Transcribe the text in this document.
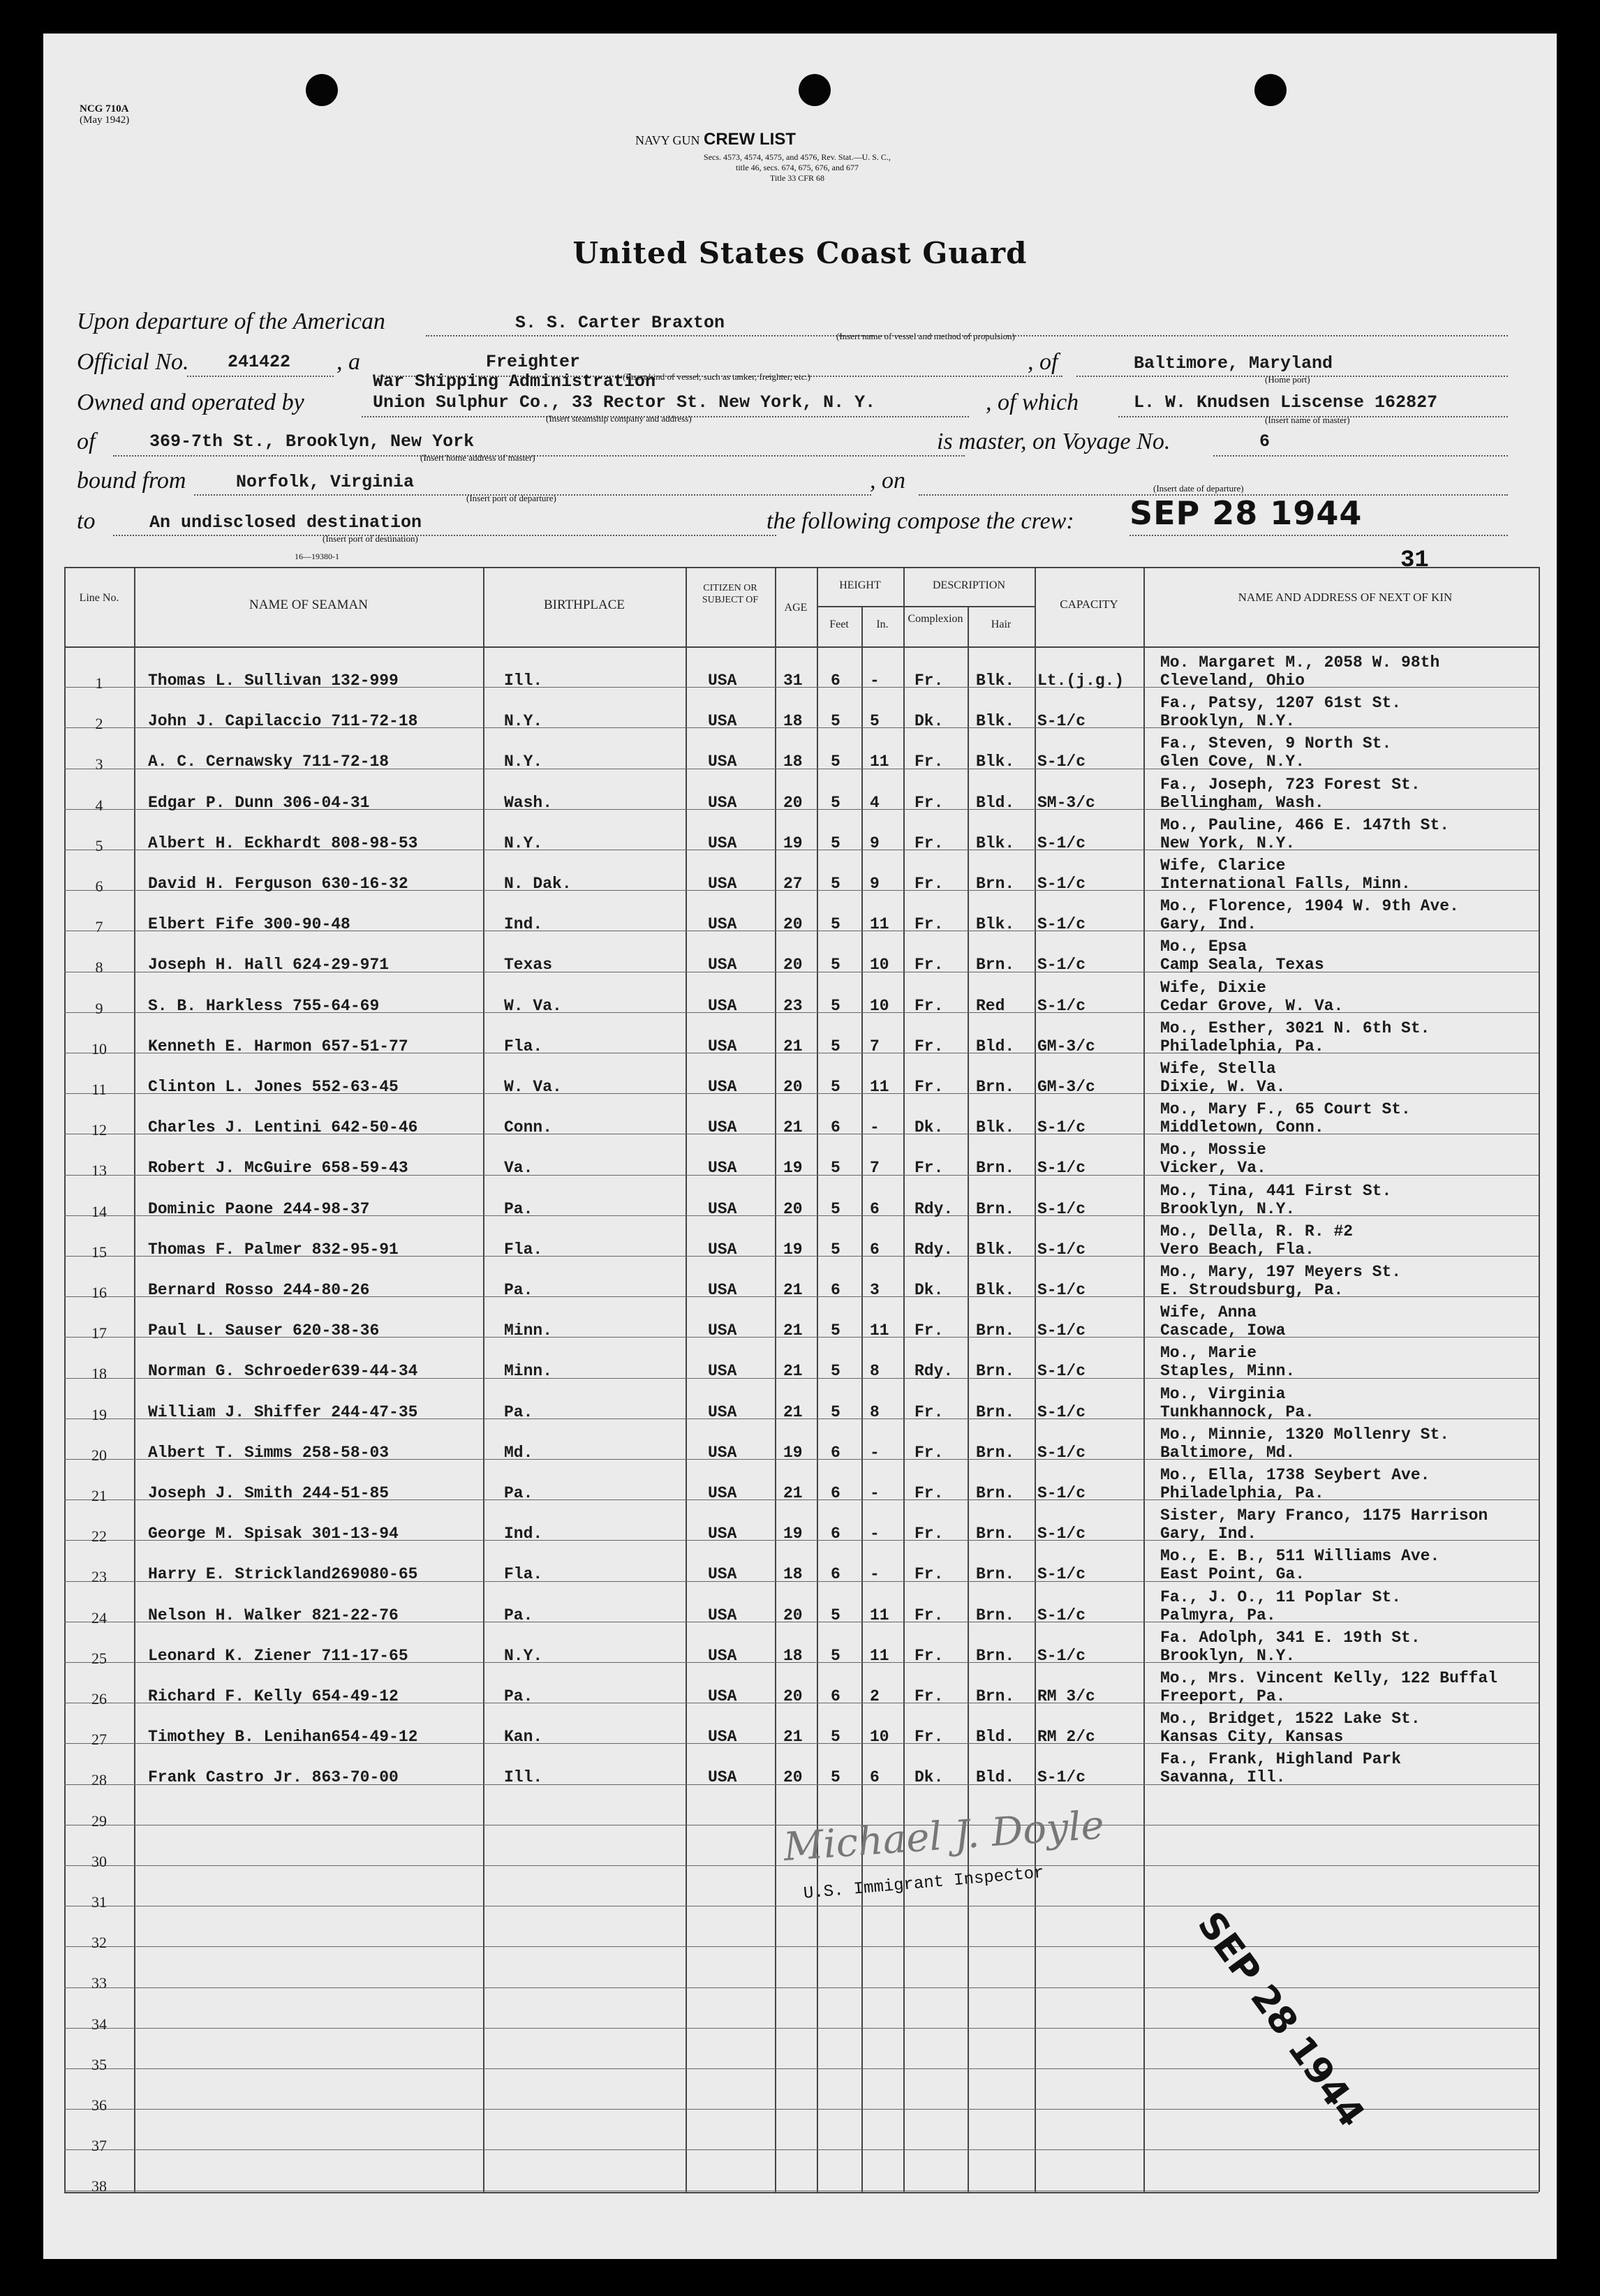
NCG 710A
(May 1942)
NAVY GUN CREW LIST
Secs. 4573, 4574, 4575, and 4576, Rev. Stat.—U. S. C.,
title 46, secs. 674, 675, 676, and 677
Title 33 CFR 68
United States Coast Guard
Upon departure of the American	S. S. Carter Braxton
(Insert name of vessel and method of propulsion)
Official No. 241422 , a	Freighter
(Insert kind of vessel, such as tanker, freighter, etc.)
, of	Baltimore, Maryland
(Home port)
War Shipping Administration
Owned and operated by	Union Sulphur Co., 33 Rector St. New York, N. Y.
(Insert steamship company and address)
, of which	L. W. Knudsen Liscense 162827
(Insert name of master)
of	369-7th St., Brooklyn, New York
(Insert home address of master)
is master, on Voyage No.	6
bound from	Norfolk, Virginia
(Insert port of departure)
, on	(Insert date of departure)
to	An undisclosed destination
(Insert port of destination)
the following compose the crew: SEP 28 1944
16—19380-1	31
Line No.	NAME OF SEAMAN	BIRTHPLACE
CITIZEN OR SUBJECT OF
AGE
HEIGHT
Feet	In.
DESCRIPTION
Complexion	Hair
CAPACITY
NAME AND ADDRESS OF NEXT OF KIN
1	Thomas L. Sullivan 132-999	Ill.	USA	31 6 - Fr. Blk. Lt.(j.g.)
Mo. Margaret M., 2058 W. 98th
Cleveland, Ohio
2	John J. Capilaccio 711-72-18	N.Y.	USA	18 5 5 Dk. Blk. S-1/c
Fa., Patsy, 1207 61st St.
Brooklyn, N.Y.
3	A. C. Cernawsky 711-72-18	N.Y.	USA	18 5 11 Fr. Blk. S-1/c
Fa., Steven, 9 North St.
Glen Cove, N.Y.
4	Edgar P. Dunn 306-04-31	Wash.	USA	20 5 4 Fr. Bld. SM-3/c
Fa., Joseph, 723 Forest St.
Bellingham, Wash.
5	Albert H. Eckhardt 808-98-53	N.Y.	USA	19 5 9 Fr. Blk. S-1/c
Mo., Pauline, 466 E. 147th St.
New York, N.Y.
6	David H. Ferguson 630-16-32	N. Dak.	USA	27 5 9 Fr. Brn. S-1/c
Wife, Clarice
International Falls, Minn.
7	Elbert Fife 300-90-48	Ind.	USA	20 5 11 Fr. Blk. S-1/c
Mo., Florence, 1904 W. 9th Ave.
Gary, Ind.
8	Joseph H. Hall 624-29-971	Texas	USA	20 5 10 Fr. Brn. S-1/c
Mo., Epsa
Camp Seala, Texas
9	S. B. Harkless 755-64-69	W. Va.	USA	23 5 10 Fr. Red S-1/c
Wife, Dixie
Cedar Grove, W. Va.
10	Kenneth E. Harmon 657-51-77	Fla.	USA	21 5 7 Fr. Bld. GM-3/c
Mo., Esther, 3021 N. 6th St.
Philadelphia, Pa.
11	Clinton L. Jones 552-63-45	W. Va.	USA	20 5 11 Fr. Brn. GM-3/c
Wife, Stella
Dixie, W. Va.
12	Charles J. Lentini 642-50-46	Conn.	USA	21 6 - Dk. Blk. S-1/c
Mo., Mary F., 65 Court St.
Middletown, Conn.
13	Robert J. McGuire 658-59-43	Va.	USA	19 5 7 Fr. Brn. S-1/c
Mo., Mossie
Vicker, Va.
14	Dominic Paone 244-98-37	Pa.	USA	20 5 6 Rdy. Brn. S-1/c
Mo., Tina, 441 First St.
Brooklyn, N.Y.
15	Thomas F. Palmer 832-95-91	Fla.	USA	19 5 6 Rdy. Blk. S-1/c
Mo., Della, R. R. #2
Vero Beach, Fla.
16	Bernard Rosso 244-80-26	Pa.	USA	21 6 3 Dk. Blk. S-1/c
Mo., Mary, 197 Meyers St.
E. Stroudsburg, Pa.
17	Paul L. Sauser 620-38-36	Minn.	USA	21 5 11 Fr. Brn. S-1/c
Wife, Anna
Cascade, Iowa
18	Norman G. Schroeder639-44-34	Minn.	USA	21 5 8 Rdy. Brn. S-1/c
Mo., Marie
Staples, Minn.
19	William J. Shiffer 244-47-35	Pa.	USA	21 5 8 Fr. Brn. S-1/c
Mo., Virginia
Tunkhannock, Pa.
20	Albert T. Simms 258-58-03	Md.	USA	19 6 - Fr. Brn. S-1/c
Mo., Minnie, 1320 Mollenry St.
Baltimore, Md.
21	Joseph J. Smith 244-51-85	Pa.	USA	21 6 - Fr. Brn. S-1/c
Mo., Ella, 1738 Seybert Ave.
Philadelphia, Pa.
22	George M. Spisak 301-13-94	Ind.	USA	19 6 - Fr. Brn. S-1/c
Sister, Mary Franco, 1175 Harrison
Gary, Ind.
23	Harry E. Strickland269080-65	Fla.	USA	18 6 - Fr. Brn. S-1/c
Mo., E. B., 511 Williams Ave.
East Point, Ga.
24	Nelson H. Walker 821-22-76	Pa.	USA	20 5 11 Fr. Brn. S-1/c
Fa., J. O., 11 Poplar St.
Palmyra, Pa.
25	Leonard K. Ziener 711-17-65	N.Y.	USA	18 5 11 Fr. Brn. S-1/c
Fa. Adolph, 341 E. 19th St.
Brooklyn, N.Y.
26	Richard F. Kelly 654-49-12	Pa.	USA	20 6 2 Fr. Brn. RM 3/c
Mo., Mrs. Vincent Kelly, 122 Buffal
Freeport, Pa.
27	Timothey B. Lenihan654-49-12	Kan.	USA	21 5 10 Fr. Bld. RM 2/c
Mo., Bridget, 1522 Lake St.
Kansas City, Kansas
28	Frank Castro Jr. 863-70-00	Ill.	USA	20 5 6 Dk. Bld. S-1/c
Fa., Frank, Highland Park
Savanna, Ill.
29
30
31
32
33
34
35
36
37
38
Michael J. Doyle
U.S. Immigrant Inspector
SEP 28 1944
